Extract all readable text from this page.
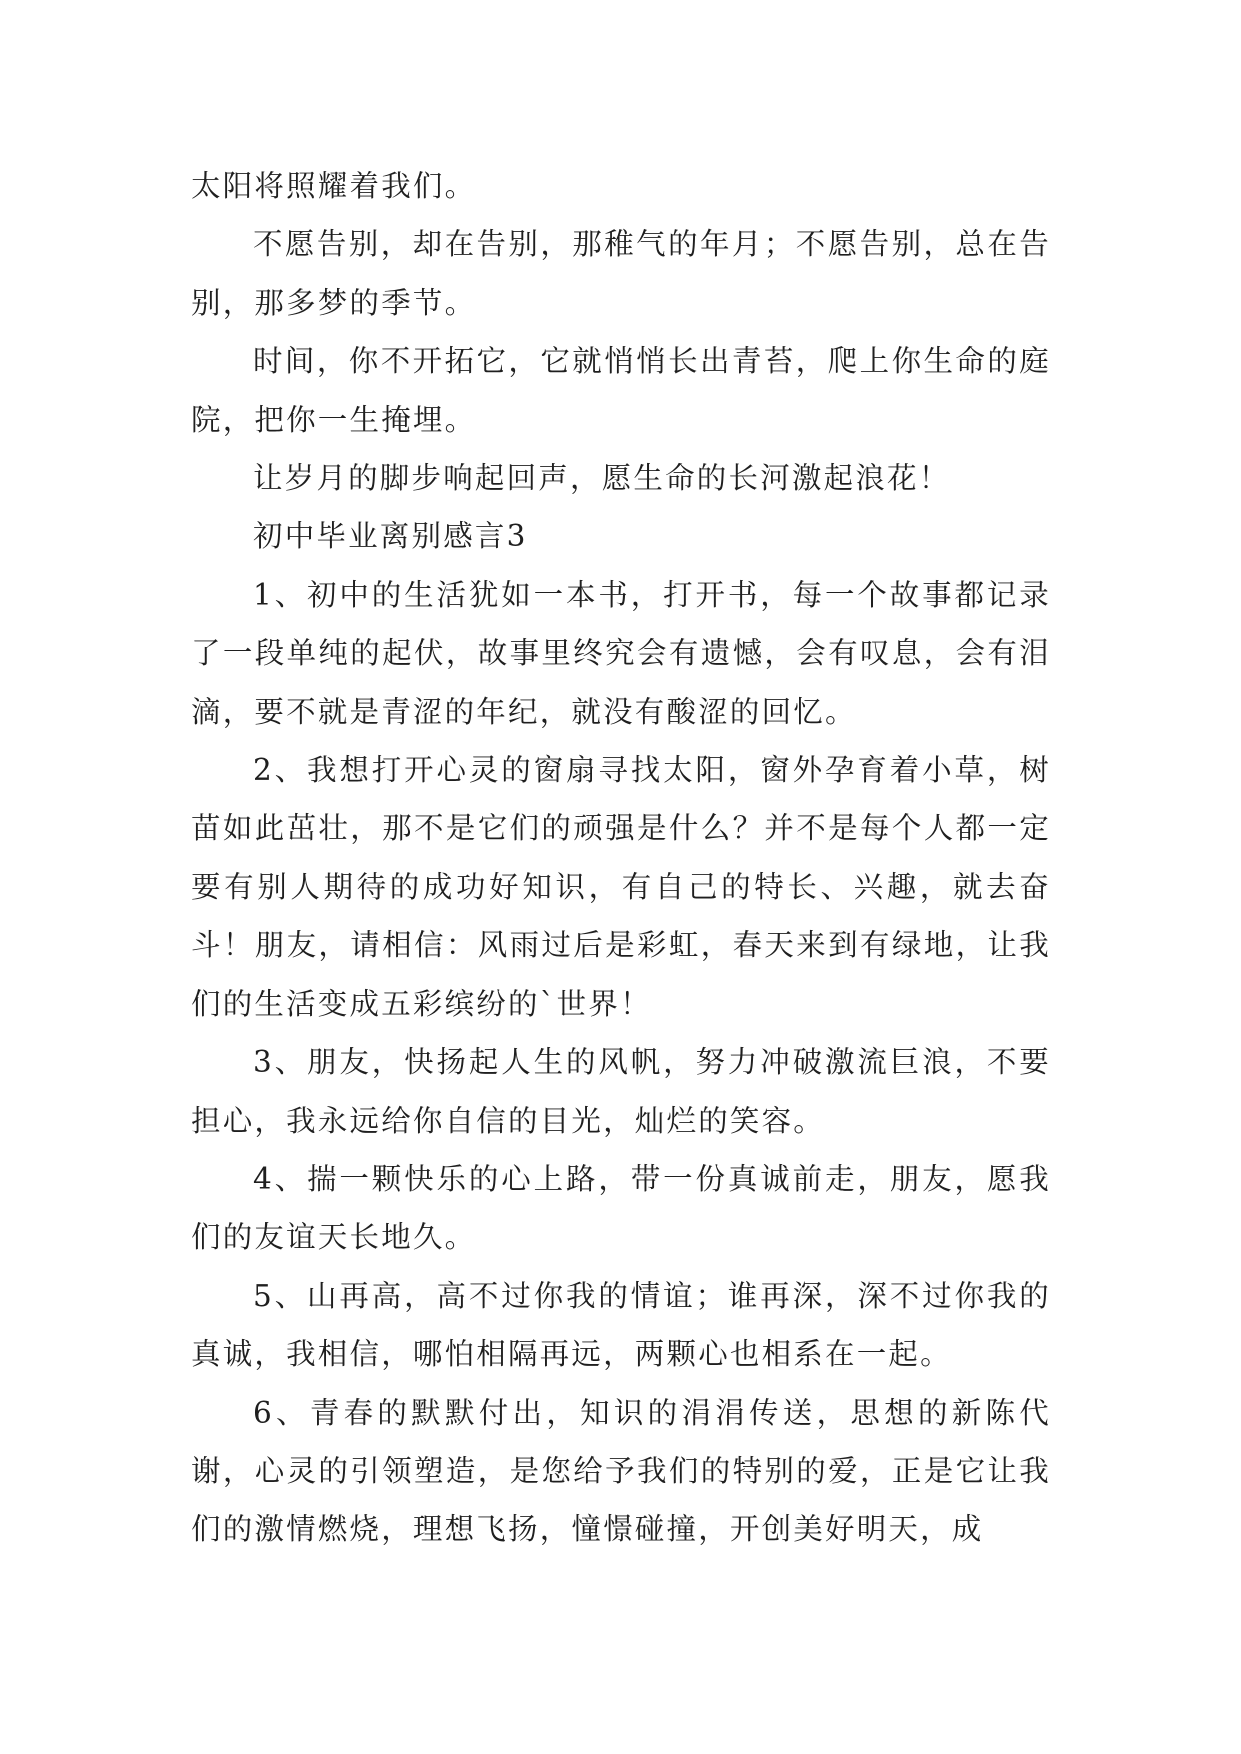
太阳将照耀着我们。

不愿告别，却在告别，那稚气的年月；不愿告别，总在告别，那多梦的季节。

时间，你不开拓它，它就悄悄长出青苔，爬上你生命的庭院，把你一生掩埋。

让岁月的脚步响起回声，愿生命的长河激起浪花！

初中毕业离别感言3

1、初中的生活犹如一本书，打开书，每一个故事都记录了一段单纯的起伏，故事里终究会有遗憾，会有叹息，会有泪滴，要不就是青涩的年纪，就没有酸涩的回忆。

2、我想打开心灵的窗扇寻找太阳，窗外孕育着小草，树苗如此茁壮，那不是它们的顽强是什么？并不是每个人都一定要有别人期待的成功好知识，有自己的特长、兴趣，就去奋斗！朋友，请相信：风雨过后是彩虹，春天来到有绿地，让我们的生活变成五彩缤纷的`世界！

3、朋友，快扬起人生的风帆，努力冲破激流巨浪，不要担心，我永远给你自信的目光，灿烂的笑容。

4、揣一颗快乐的心上路，带一份真诚前走，朋友，愿我们的友谊天长地久。

5、山再高，高不过你我的情谊；谁再深，深不过你我的真诚，我相信，哪怕相隔再远，两颗心也相系在一起。

6、青春的默默付出，知识的涓涓传送，思想的新陈代谢，心灵的引领塑造，是您给予我们的特别的爱，正是它让我们的激情燃烧，理想飞扬，憧憬碰撞，开创美好明天，成
